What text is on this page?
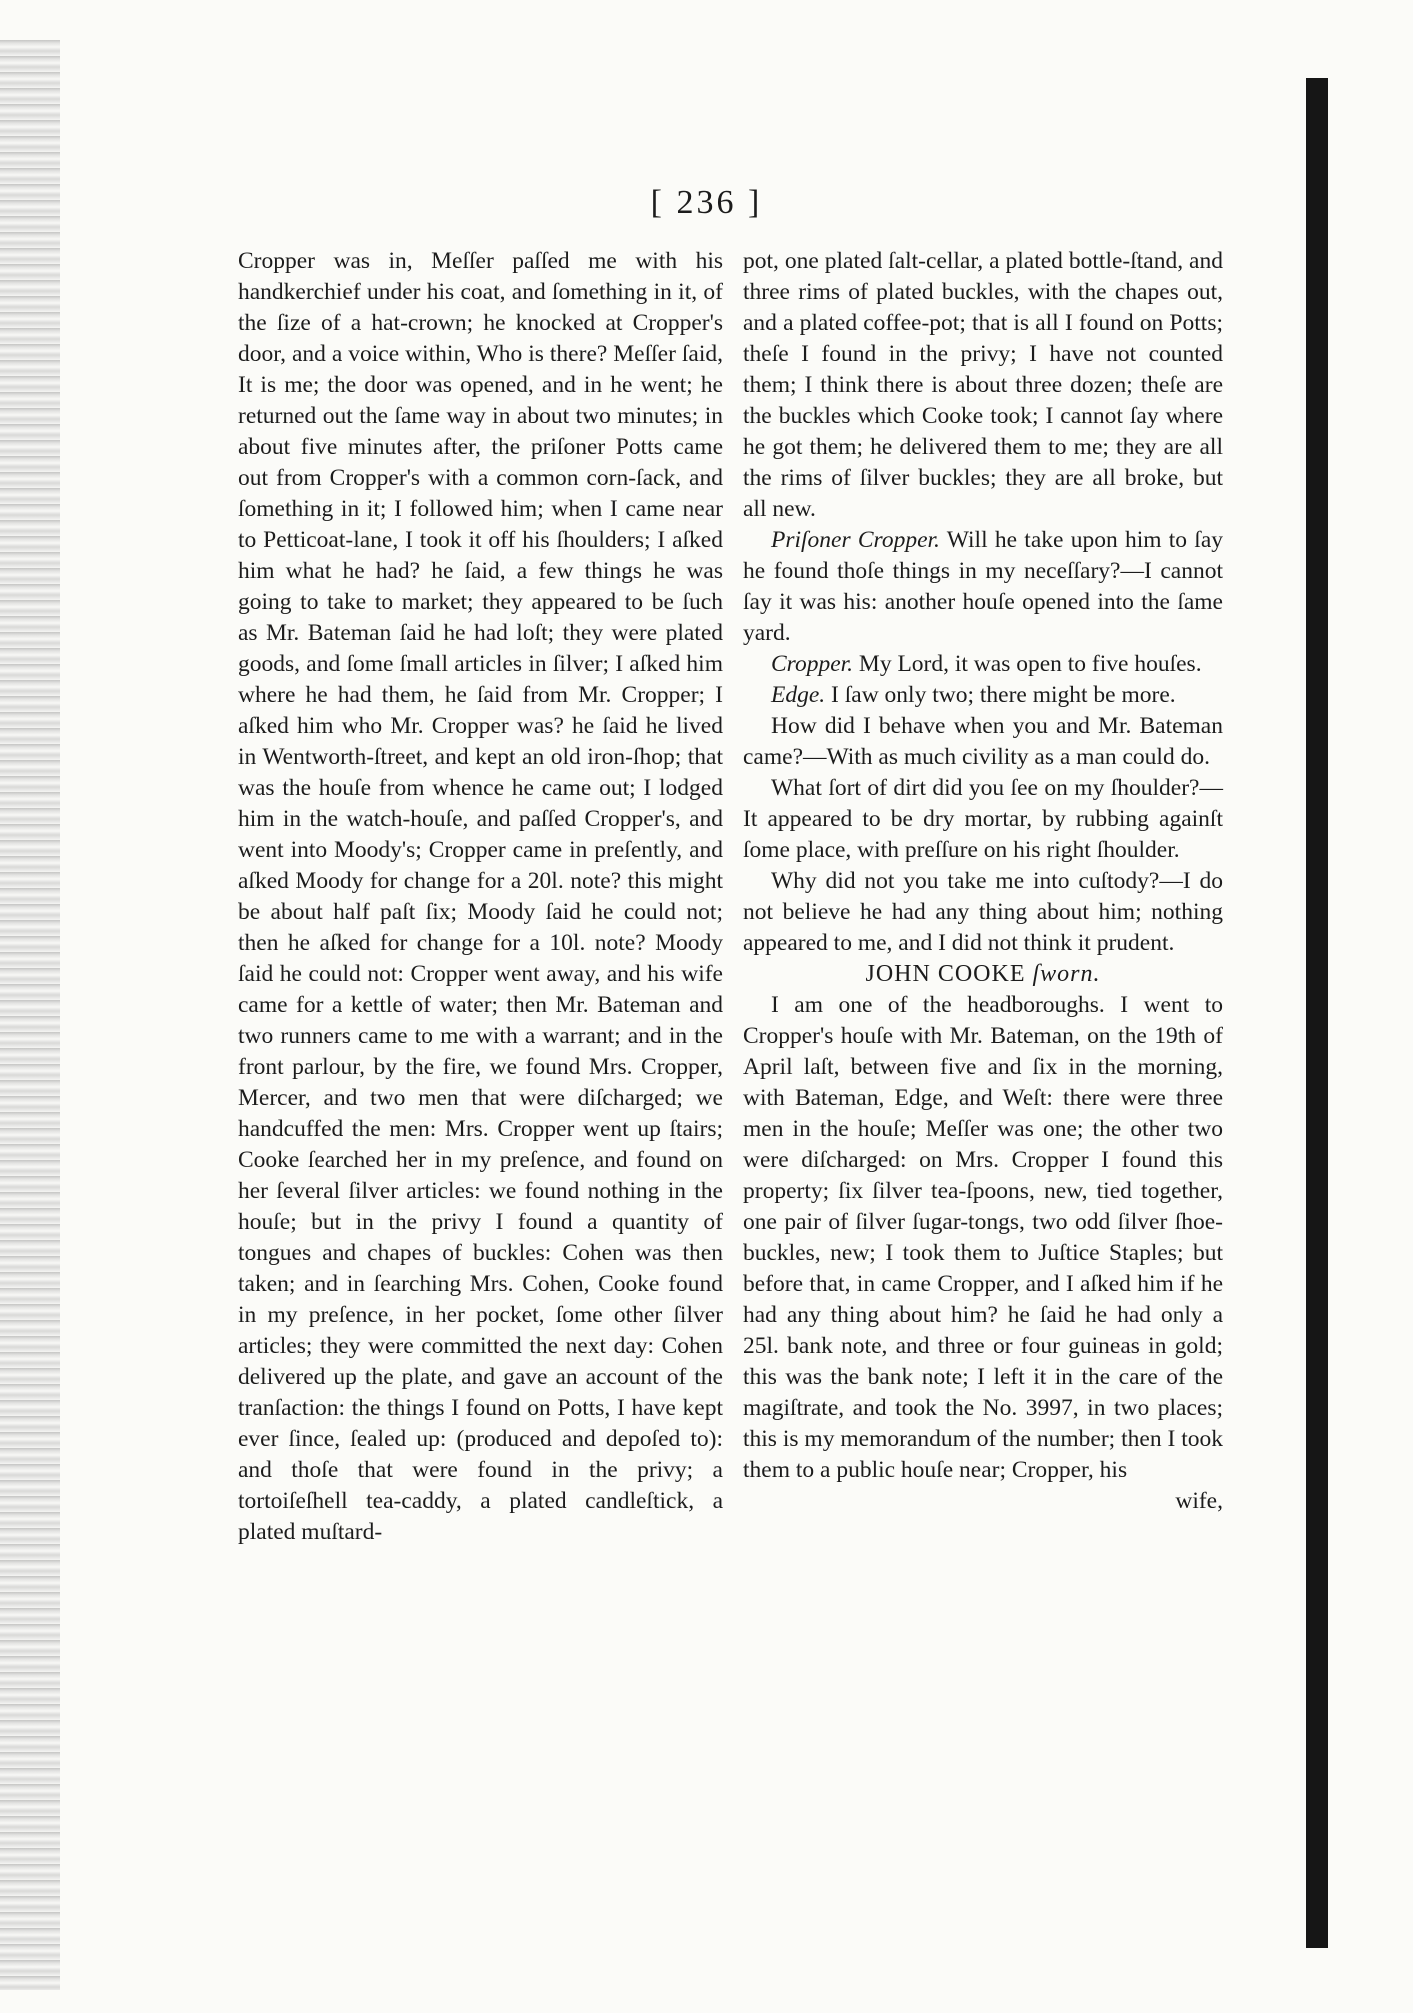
[ 236 ]

Cropper was in, Meſſer paſſed me with his handkerchief under his coat, and ſomething in it, of the ſize of a hat-crown; he knocked at Cropper's door, and a voice within, Who is there? Meſſer ſaid, It is me; the door was opened, and in he went; he returned out the ſame way in about two minutes; in about five minutes after, the priſoner Potts came out from Cropper's with a common corn-ſack, and ſomething in it; I followed him; when I came near to Petticoat-lane, I took it off his ſhoulders; I aſked him what he had? he ſaid, a few things he was going to take to market; they appeared to be ſuch as Mr. Bateman ſaid he had loſt; they were plated goods, and ſome ſmall articles in ſilver; I aſked him where he had them, he ſaid from Mr. Cropper; I aſked him who Mr. Cropper was? he ſaid he lived in Wentworth-ſtreet, and kept an old iron-ſhop; that was the houſe from whence he came out; I lodged him in the watch-houſe, and paſſed Cropper's, and went into Moody's; Cropper came in preſently, and aſked Moody for change for a 20l. note? this might be about half paſt ſix; Moody ſaid he could not; then he aſked for change for a 10l. note? Moody ſaid he could not: Cropper went away, and his wife came for a kettle of water; then Mr. Bateman and two runners came to me with a warrant; and in the front parlour, by the fire, we found Mrs. Cropper, Mercer, and two men that were diſcharged; we handcuffed the men: Mrs. Cropper went up ſtairs; Cooke ſearched her in my preſence, and found on her ſeveral ſilver articles: we found nothing in the houſe; but in the privy I found a quantity of tongues and chapes of buckles: Cohen was then taken; and in ſearching Mrs. Cohen, Cooke found in my preſence, in her pocket, ſome other ſilver articles; they were committed the next day: Cohen delivered up the plate, and gave an account of the tranſaction: the things I found on Potts, I have kept ever ſince, ſealed up: (produced and depoſed to): and thoſe that were found in the privy; a tortoiſeſhell tea-caddy, a plated candleſtick, a plated muſtard-

pot, one plated ſalt-cellar, a plated bottle-ſtand, and three rims of plated buckles, with the chapes out, and a plated coffee-pot; that is all I found on Potts; theſe I found in the privy; I have not counted them; I think there is about three dozen; theſe are the buckles which Cooke took; I cannot ſay where he got them; he delivered them to me; they are all the rims of ſilver buckles; they are all broke, but all new.

Priſoner Cropper. Will he take upon him to ſay he found thoſe things in my neceſſary?—I cannot ſay it was his: another houſe opened into the ſame yard.

Cropper. My Lord, it was open to five houſes.

Edge. I ſaw only two; there might be more.

How did I behave when you and Mr. Bateman came?—With as much civility as a man could do.

What ſort of dirt did you ſee on my ſhoulder?—It appeared to be dry mortar, by rubbing againſt ſome place, with preſſure on his right ſhoulder.

Why did not you take me into cuſtody?—I do not believe he had any thing about him; nothing appeared to me, and I did not think it prudent.

JOHN COOKE ſworn.

I am one of the headboroughs. I went to Cropper's houſe with Mr. Bateman, on the 19th of April laſt, between five and ſix in the morning, with Bateman, Edge, and Weſt: there were three men in the houſe; Meſſer was one; the other two were diſcharged: on Mrs. Cropper I found this property; ſix ſilver tea-ſpoons, new, tied together, one pair of ſilver ſugar-tongs, two odd ſilver ſhoe-buckles, new; I took them to Juſtice Staples; but before that, in came Cropper, and I aſked him if he had any thing about him? he ſaid he had only a 25l. bank note, and three or four guineas in gold; this was the bank note; I left it in the care of the magiſtrate, and took the No. 3997, in two places; this is my memorandum of the number; then I took them to a public houſe near; Cropper, his

wife,
